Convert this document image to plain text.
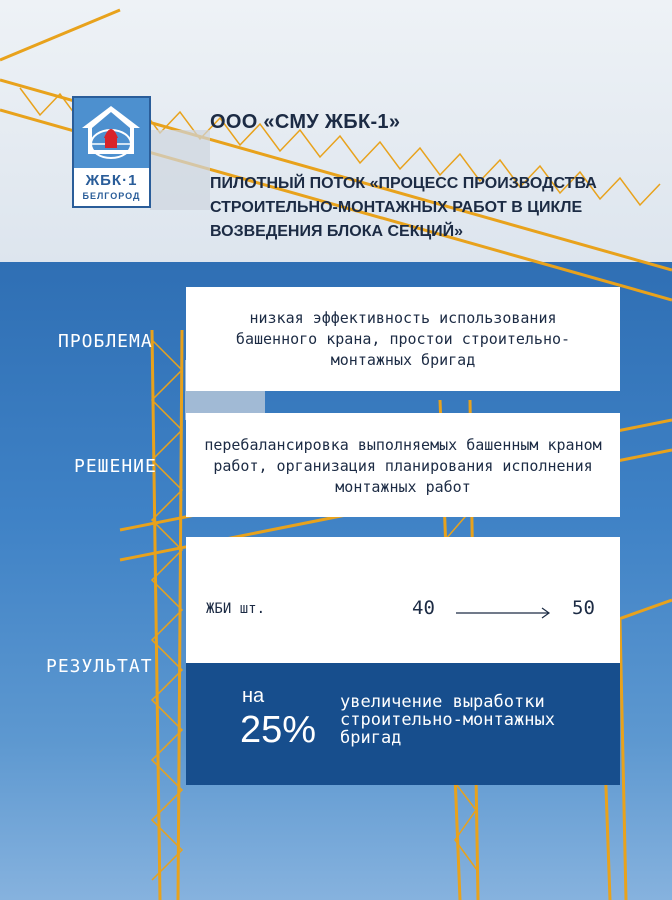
ЖБК·1
БЕЛГОРОД
ООО «СМУ ЖБК-1»
ПИЛОТНЫЙ ПОТОК «ПРОЦЕСС ПРОИЗВОДСТВА СТРОИТЕЛЬНО-МОНТАЖНЫХ РАБОТ В ЦИКЛЕ ВОЗВЕДЕНИЯ БЛОКА СЕКЦИЙ»
ПРОБЛЕМА
низкая эффективность использования башенного крана, простои строительно-монтажных бригад
РЕШЕНИЕ
перебалансировка выполняемых башенным краном работ, организация планирования исполнения монтажных работ
РЕЗУЛЬТАТ
ЖБИ шт.	40	50
на
25%
увеличение выработки строительно-монтажных бригад
